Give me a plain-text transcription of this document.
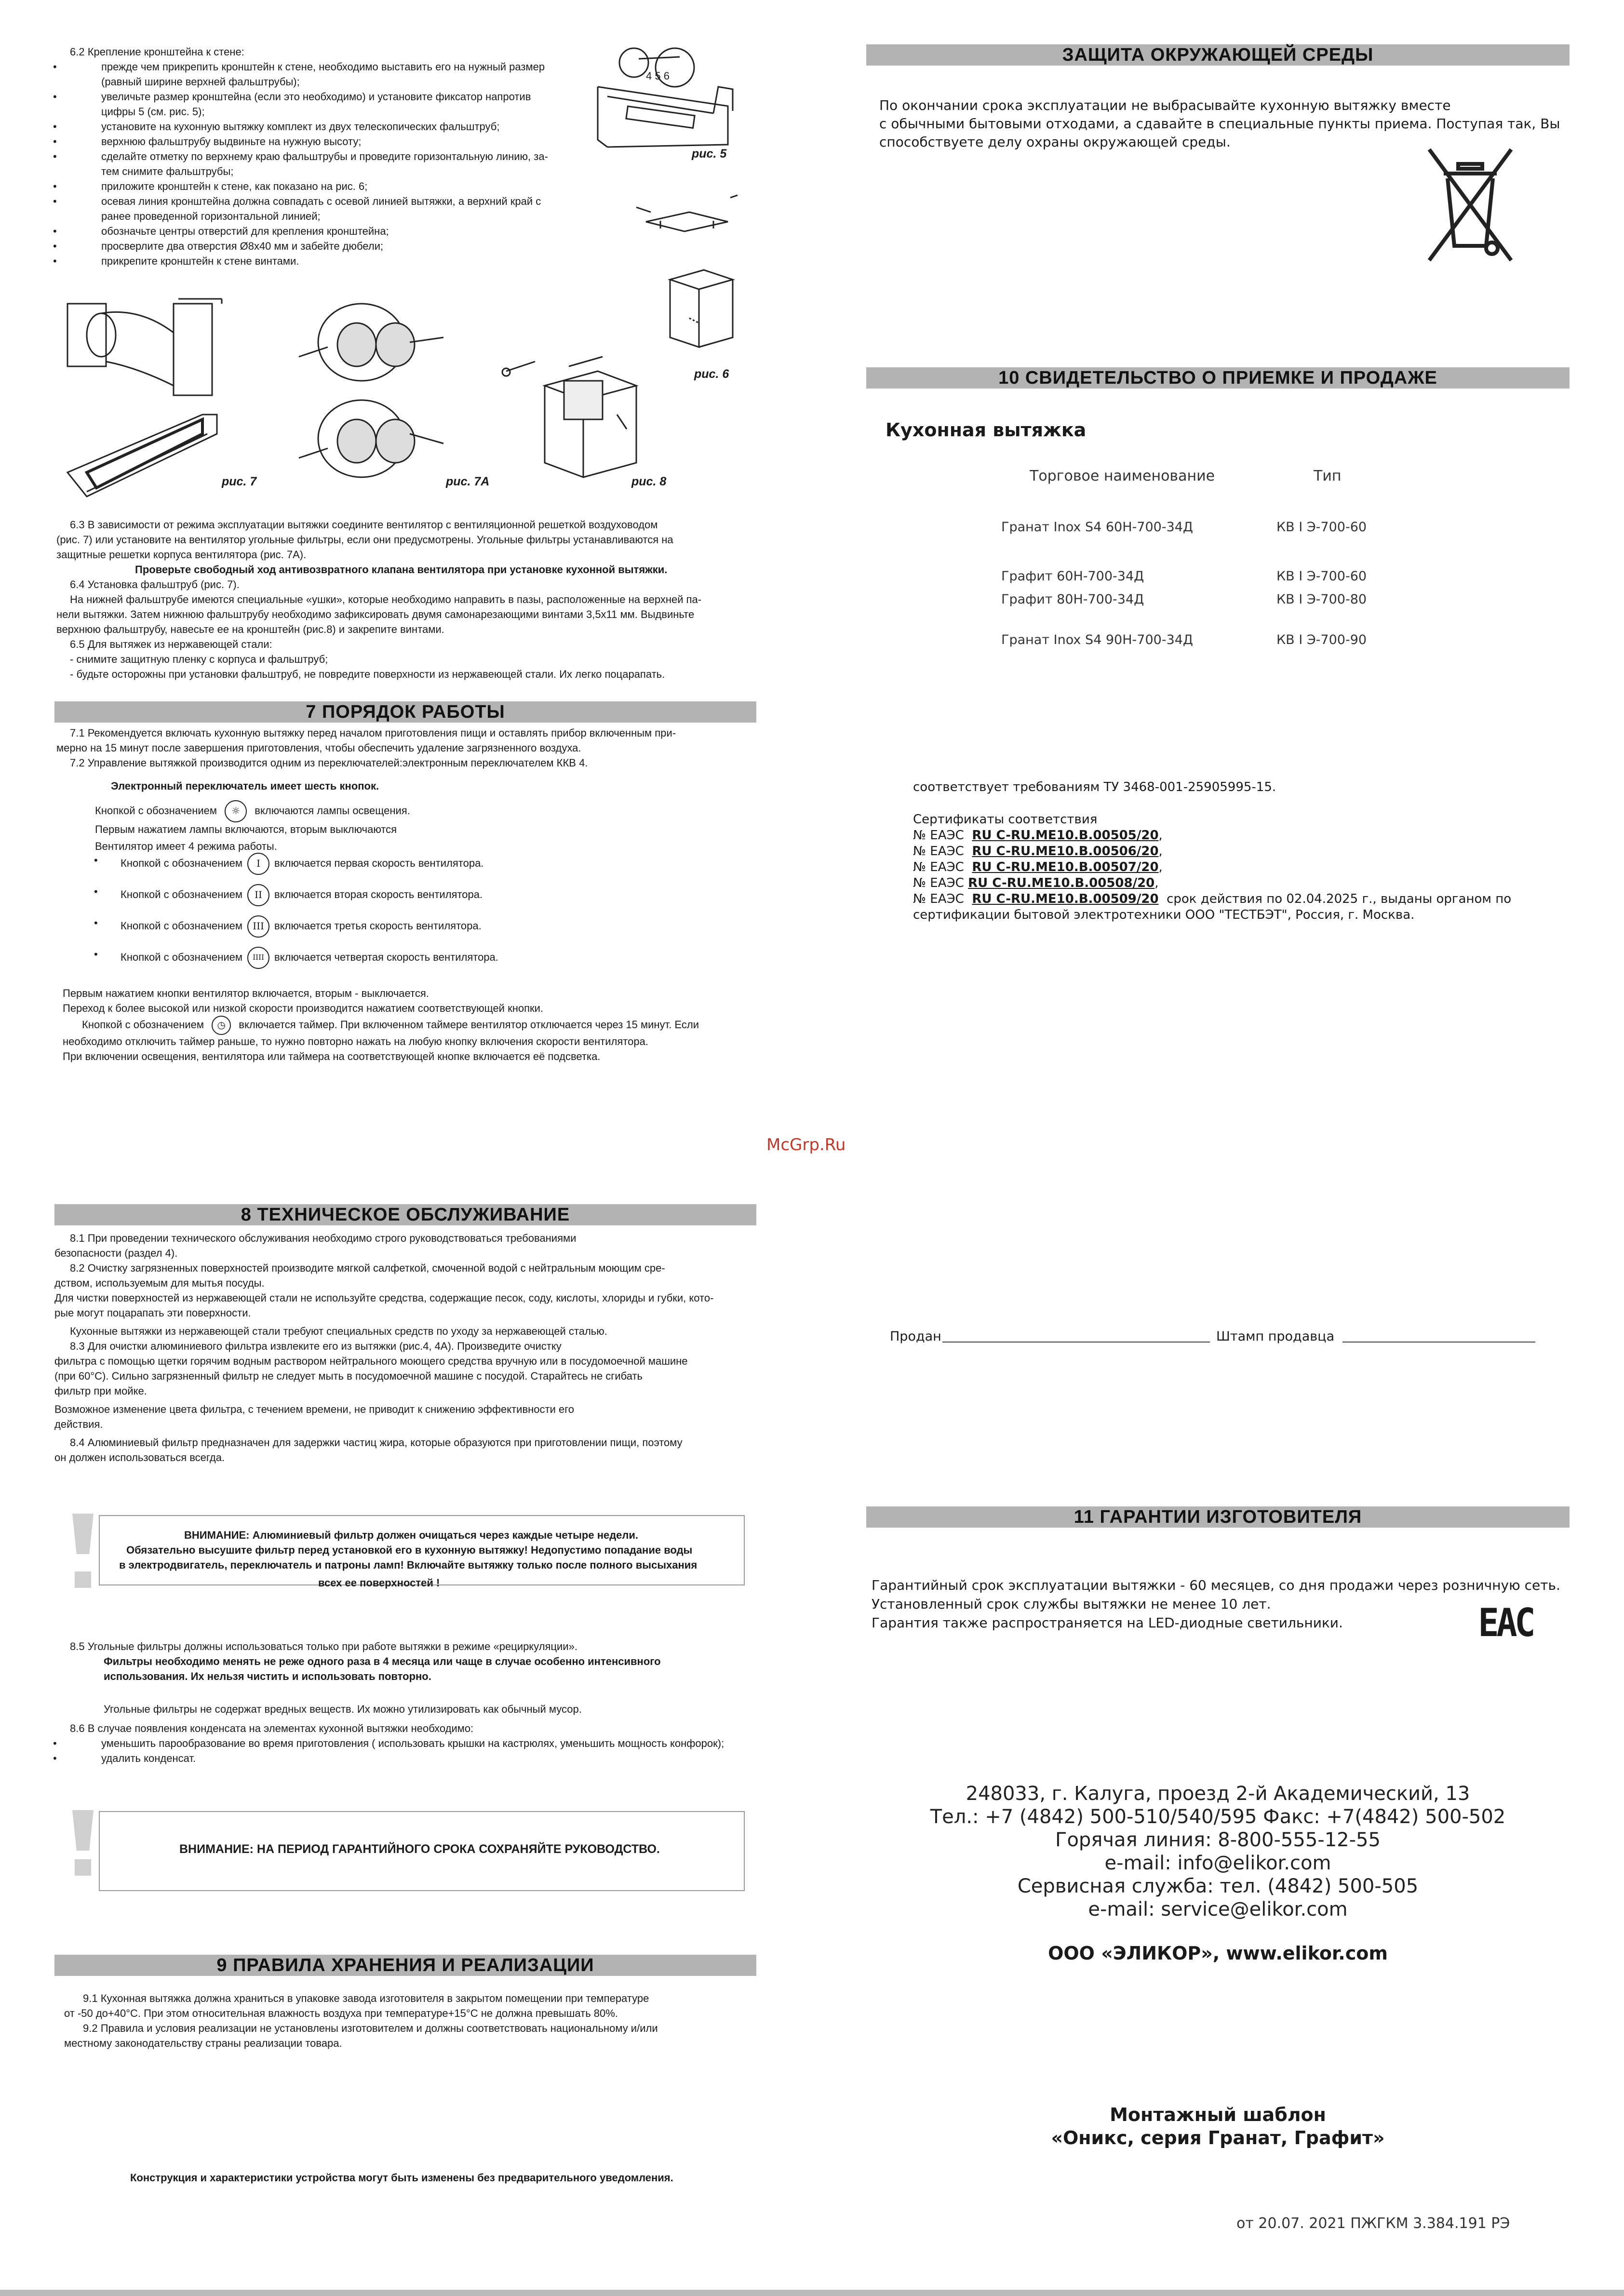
6.2 Крепление кронштейна к стене:
• прежде чем прикрепить кронштейн к стене, необходимо выставить его на нужный размер
(равный ширине верхней фальштрубы);
• увеличьте размер кронштейна (если это необходимо) и установите фиксатор напротив
цифры 5 (см. рис. 5);
• установите на кухонную вытяжку комплект из двух телескопических фальштруб;
• верхнюю фальштрубу выдвиньте на нужную высоту;
• сделайте отметку по верхнему краю фальштрубы и проведите горизонтальную линию, за-
тем снимите фальштрубы;
• приложите кронштейн к стене, как показано на рис. 6;
• осевая линия кронштейна должна совпадать с осевой линией вытяжки, а верхний край с
ранее проведенной горизонтальной линией;
• обозначьте центры отверстий для крепления кронштейна;
• просверлите два отверстия Ø8х40 мм и забейте дюбели;
• прикрепите кронштейн к стене винтами.
4 5 6
рис. 5
рис. 6
рис. 7	рис. 7А	рис. 8
6.3 В зависимости от режима эксплуатации вытяжки соедините вентилятор с вентиляционной решеткой воздуховодом
(рис. 7) или установите на вентилятор угольные фильтры, если они предусмотрены. Угольные фильтры устанавливаются на
защитные решетки корпуса вентилятора (рис. 7А).
Проверьте свободный ход антивозвратного клапана вентилятора при установке кухонной вытяжки.
6.4 Установка фальштруб (рис. 7).
На нижней фальштрубе имеются специальные «ушки», которые необходимо направить в пазы, расположенные на верхней па-
нели вытяжки. Затем нижнюю фальштрубу необходимо зафиксировать двумя самонарезающими винтами 3,5х11 мм. Выдвиньте
верхнюю фальштрубу, навесьте ее на кронштейн (рис.8) и закрепите винтами.
6.5 Для вытяжек из нержавеющей стали:
- снимите защитную пленку с корпуса и фальштруб;
- будьте осторожны при установки фальштруб, не повредите поверхности из нержавеющей стали. Их легко поцарапать.
7 ПОРЯДОК РАБОТЫ
7.1 Рекомендуется включать кухонную вытяжку перед началом приготовления пищи и оставлять прибор включенным при-
мерно на 15 минут после завершения приготовления, чтобы обеспечить удаление загрязненного воздуха.
7.2 Управление вытяжкой производится одним из переключателей:электронным переключателем ККВ 4.
Электронный переключатель имеет шесть кнопок.
Кнопкой с обозначением ☼ включаются лампы освещения.
Первым нажатием лампы включаются, вторым выключаются
Вентилятор имеет 4 режима работы.
• Кнопкой с обозначением I включается первая скорость вентилятора.
• Кнопкой с обозначением II включается вторая скорость вентилятора.
• Кнопкой с обозначением III включается третья скорость вентилятора.
• Кнопкой с обозначением IIII включается четвертая скорость вентилятора.
Первым нажатием кнопки вентилятор включается, вторым - выключается.
Переход к более высокой или низкой скорости производится нажатием соответствующей кнопки.
Кнопкой с обозначением ◷ включается таймер. При включенном таймере вентилятор отключается через 15 минут. Если
необходимо отключить таймер раньше, то нужно повторно нажать на любую кнопку включения скорости вентилятора.
При включении освещения, вентилятора или таймера на соответствующей кнопке включается её подсветка.
McGrp.Ru
8 ТЕХНИЧЕСКОЕ ОБСЛУЖИВАНИЕ
8.1 При проведении технического обслуживания необходимо строго руководствоваться требованиями
безопасности (раздел 4).
8.2 Очистку загрязненных поверхностей производите мягкой салфеткой, смоченной водой с нейтральным моющим сре-
дством, используемым для мытья посуды.
Для чистки поверхностей из нержавеющей стали не используйте средства, содержащие песок, соду, кислоты, хлориды и губки, кото-
рые могут поцарапать эти поверхности.
Кухонные вытяжки из нержавеющей стали требуют специальных средств по уходу за нержавеющей сталью.
8.3 Для очистки алюминиевого фильтра извлеките его из вытяжки (рис.4, 4А). Произведите очистку
фильтра с помощью щетки горячим водным раствором нейтрального моющего средства вручную или в посудомоечной машине
(при 60°С). Сильно загрязненный фильтр не следует мыть в посудомоечной машине с посудой. Старайтесь не сгибать
фильтр при мойке.
Возможное изменение цвета фильтра, с течением времени, не приводит к снижению эффективности его
действия.
8.4 Алюминиевый фильтр предназначен для задержки частиц жира, которые образуются при приготовлении пищи, поэтому
он должен использоваться всегда.
ВНИМАНИЕ: Алюминиевый фильтр должен очищаться через каждые четыре недели.
Обязательно высушите фильтр перед установкой его в кухонную вытяжку! Недопустимо попадание воды
в электродвигатель, переключатель и патроны ламп! Включайте вытяжку только после полного высыхания
всех ее поверхностей !
8.5 Угольные фильтры должны использоваться только при работе вытяжки в режиме «рециркуляции».
Фильтры необходимо менять не реже одного раза в 4 месяца или чаще в случае особенно интенсивного
использования. Их нельзя чистить и использовать повторно.
Угольные фильтры не содержат вредных веществ. Их можно утилизировать как обычный мусор.
8.6 В случае появления конденсата на элементах кухонной вытяжки необходимо:
• уменьшить парообразование во время приготовления ( использовать крышки на кастрюлях, уменьшить мощность конфорок);
• удалить конденсат.
ВНИМАНИЕ: НА ПЕРИОД ГАРАНТИЙНОГО СРОКА СОХРАНЯЙТЕ РУКОВОДСТВО.
9 ПРАВИЛА ХРАНЕНИЯ И РЕАЛИЗАЦИИ
9.1 Кухонная вытяжка должна храниться в упаковке завода изготовителя в закрытом помещении при температуре
от -50 до+40°С. При этом относительная влажность воздуха при температуре+15°С не должна превышать 80%.
9.2 Правила и условия реализации не установлены изготовителем и должны соответствовать национальному и/или
местному законодательству страны реализации товара.
Конструкция и характеристики устройства могут быть изменены без предварительного уведомления.
ЗАЩИТА ОКРУЖАЮЩЕЙ СРЕДЫ
По окончании срока эксплуатации не выбрасывайте кухонную вытяжку вместе
с обычными бытовыми отходами, а сдавайте в специальные пункты приема. Поступая так, Вы
способствуете делу охраны окружающей среды.
10 СВИДЕТЕЛЬСТВО О ПРИЕМКЕ И ПРОДАЖЕ
Кухонная вытяжка
Торговое наименование	Тип
Гранат Inox S4 60Н-700-34Д	КВ I Э-700-60
Графит 60Н-700-34Д	КВ I Э-700-60
Графит 80Н-700-34Д	КВ I Э-700-80
Гранат Inox S4 90Н-700-34Д	КВ I Э-700-90
соответствует требованиям ТУ 3468-001-25905995-15.
Сертификаты соответствия
№ ЕАЭС RU C-RU.ME10.B.00505/20,
№ ЕАЭС RU C-RU.ME10.B.00506/20,
№ ЕАЭС RU C-RU.ME10.B.00507/20,
№ ЕАЭС RU C-RU.ME10.B.00508/20,
№ ЕАЭС RU C-RU.ME10.B.00509/20 срок действия по 02.04.2025 г., выданы органом по
сертификации бытовой электротехники ООО "ТЕСТБЭТ", Россия, г. Москва.
Продан	Штамп продавца
11 ГАРАНТИИ ИЗГОТОВИТЕЛЯ
Гарантийный срок эксплуатации вытяжки - 60 месяцев, со дня продажи через розничную сеть.
Установленный срок службы вытяжки не менее 10 лет.
Гарантия также распространяется на LED-диодные светильники.	ЕАС
248033, г. Калуга, проезд 2-й Академический, 13
Тел.: +7 (4842) 500-510/540/595 Факс: +7(4842) 500-502
Горячая линия: 8-800-555-12-55
e-mail: info@elikor.com
Сервисная служба: тел. (4842) 500-505
e-mail: service@elikor.com
ООО «ЭЛИКОР», www.elikor.com
Монтажный шаблон
«Оникс, серия Гранат, Графит»
от 20.07. 2021 ПЖГКМ 3.384.191 РЭ
